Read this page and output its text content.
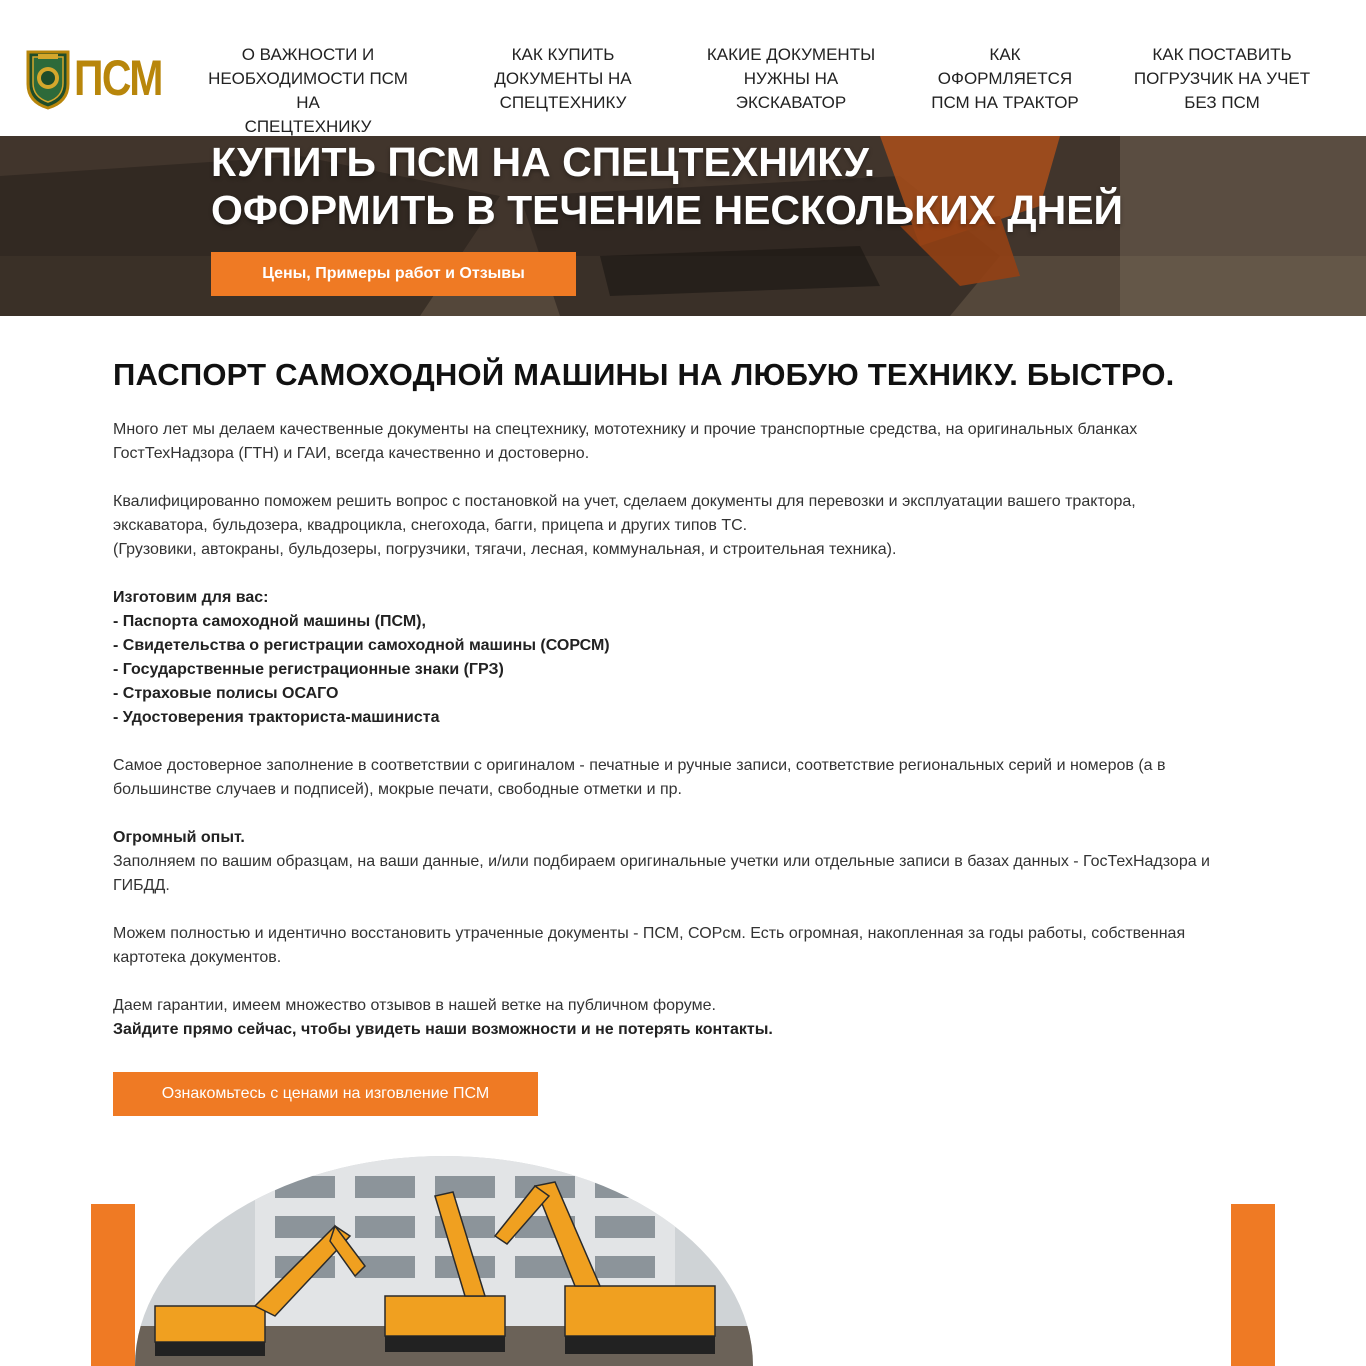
ПСМ	О ВАЖНОСТИ И
НЕОБХОДИМОСТИ ПСМ НА
СПЕЦТЕХНИКУ
КАК КУПИТЬ
ДОКУМЕНТЫ НА
СПЕЦТЕХНИКУ
КАКИЕ ДОКУМЕНТЫ
НУЖНЫ НА
ЭКСКАВАТОР
КАК
ОФОРМЛЯЕТСЯ
ПСМ НА ТРАКТОР
КАК ПОСТАВИТЬ
ПОГРУЗЧИК НА УЧЕТ
БЕЗ ПСМ
КУПИТЬ ПСМ НА СПЕЦТЕХНИКУ.
ОФОРМИТЬ В ТЕЧЕНИЕ НЕСКОЛЬКИХ ДНЕЙ
Цены, Примеры работ и Отзывы
ПАСПОРТ САМОХОДНОЙ МАШИНЫ НА ЛЮБУЮ ТЕХНИКУ. БЫСТРО.
Много лет мы делаем качественные документы на спецтехнику, мототехнику и прочие транспортные средства, на оригинальных бланках
ГостТехНадзора (ГТН) и ГАИ, всегда качественно и достоверно.
Квалифицированно поможем решить вопрос с постановкой на учет, сделаем документы для перевозки и эксплуатации вашего трактора,
экскаватора, бульдозера, квадроцикла, снегохода, багги, прицепа и других типов ТС.
(Грузовики, автокраны, бульдозеры, погрузчики, тягачи, лесная, коммунальная, и строительная техника).
Изготовим для вас:
- Паспорта самоходной машины (ПСМ),
- Свидетельства о регистрации самоходной машины (СОРСМ)
- Государственные регистрационные знаки (ГРЗ)
- Страховые полисы ОСАГО
- Удостоверения тракториста-машиниста
Самое достоверное заполнение в соответствии с оригиналом - печатные и ручные записи, соответствие региональных серий и номеров (а в
большинстве случаев и подписей), мокрые печати, свободные отметки и пр.
Огромный опыт.
Заполняем по вашим образцам, на ваши данные, и/или подбираем оригинальные учетки или отдельные записи в базах данных - ГосТехНадзора и
ГИБДД.
Можем полностью и идентично восстановить утраченные документы - ПСМ, СОРсм. Есть огромная, накопленная за годы работы, собственная
картотека документов.
Даем гарантии, имеем множество отзывов в нашей ветке на публичном форуме.
Зайдите прямо сейчас, чтобы увидеть наши возможности и не потерять контакты.
Ознакомьтесь с ценами на изговление ПСМ
